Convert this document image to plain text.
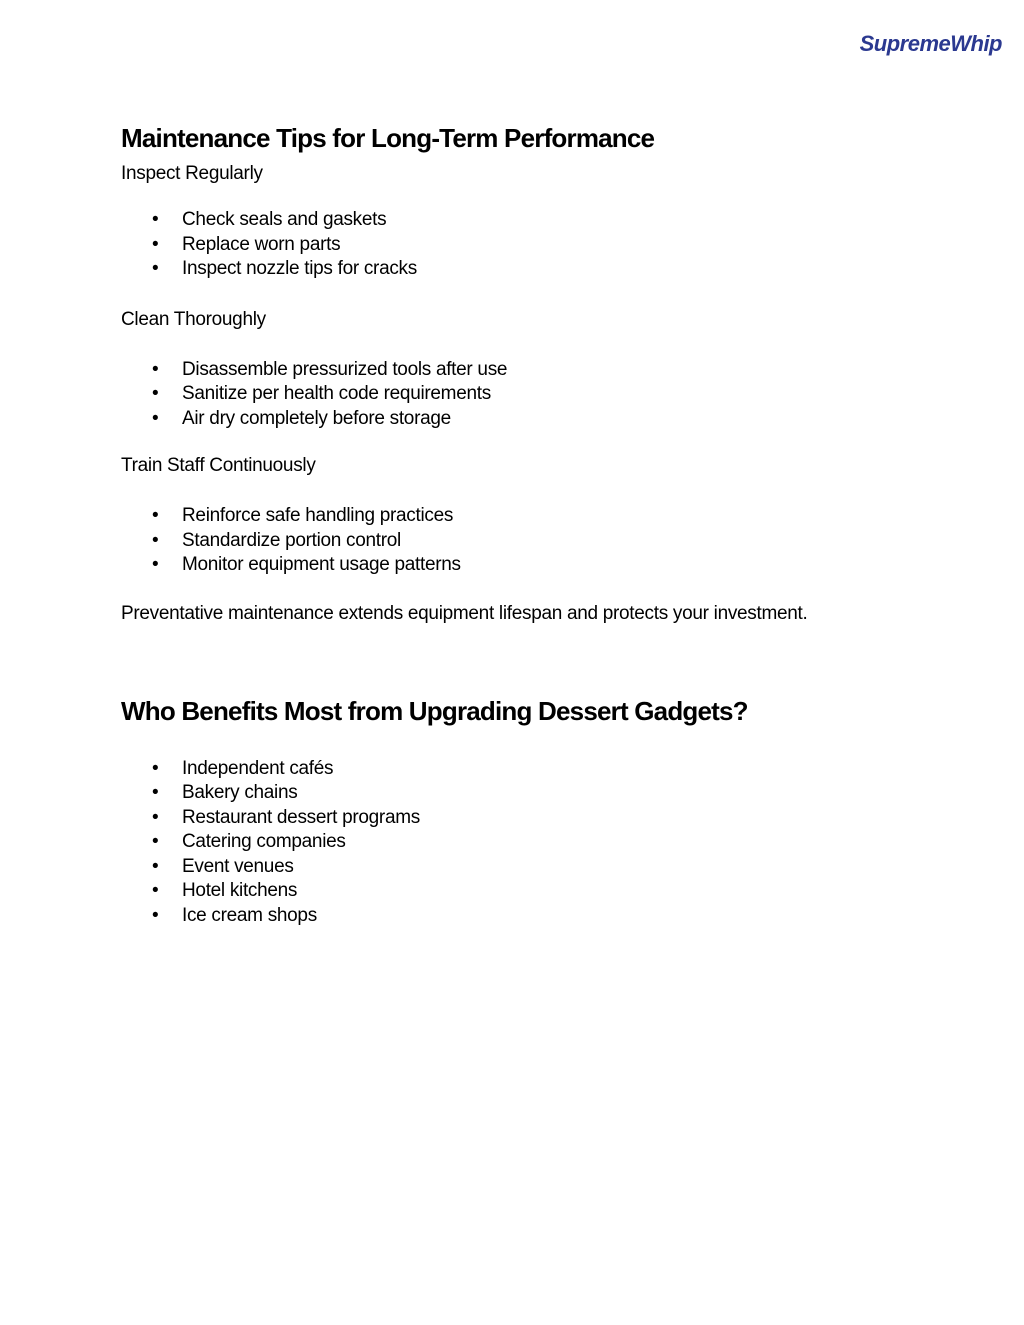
SupremeWhip
Maintenance Tips for Long-Term Performance

Inspect Regularly

•	Check seals and gaskets
•	Replace worn parts
•	Inspect nozzle tips for cracks

Clean Thoroughly

•	Disassemble pressurized tools after use
•	Sanitize per health code requirements
•	Air dry completely before storage

Train Staff Continuously

•	Reinforce safe handling practices
•	Standardize portion control
•	Monitor equipment usage patterns

Preventative maintenance extends equipment lifespan and protects your investment.

Who Benefits Most from Upgrading Dessert Gadgets?
•	Independent cafés
•	Bakery chains
•	Restaurant dessert programs
•	Catering companies
•	Event venues
•	Hotel kitchens
•	Ice cream shops
